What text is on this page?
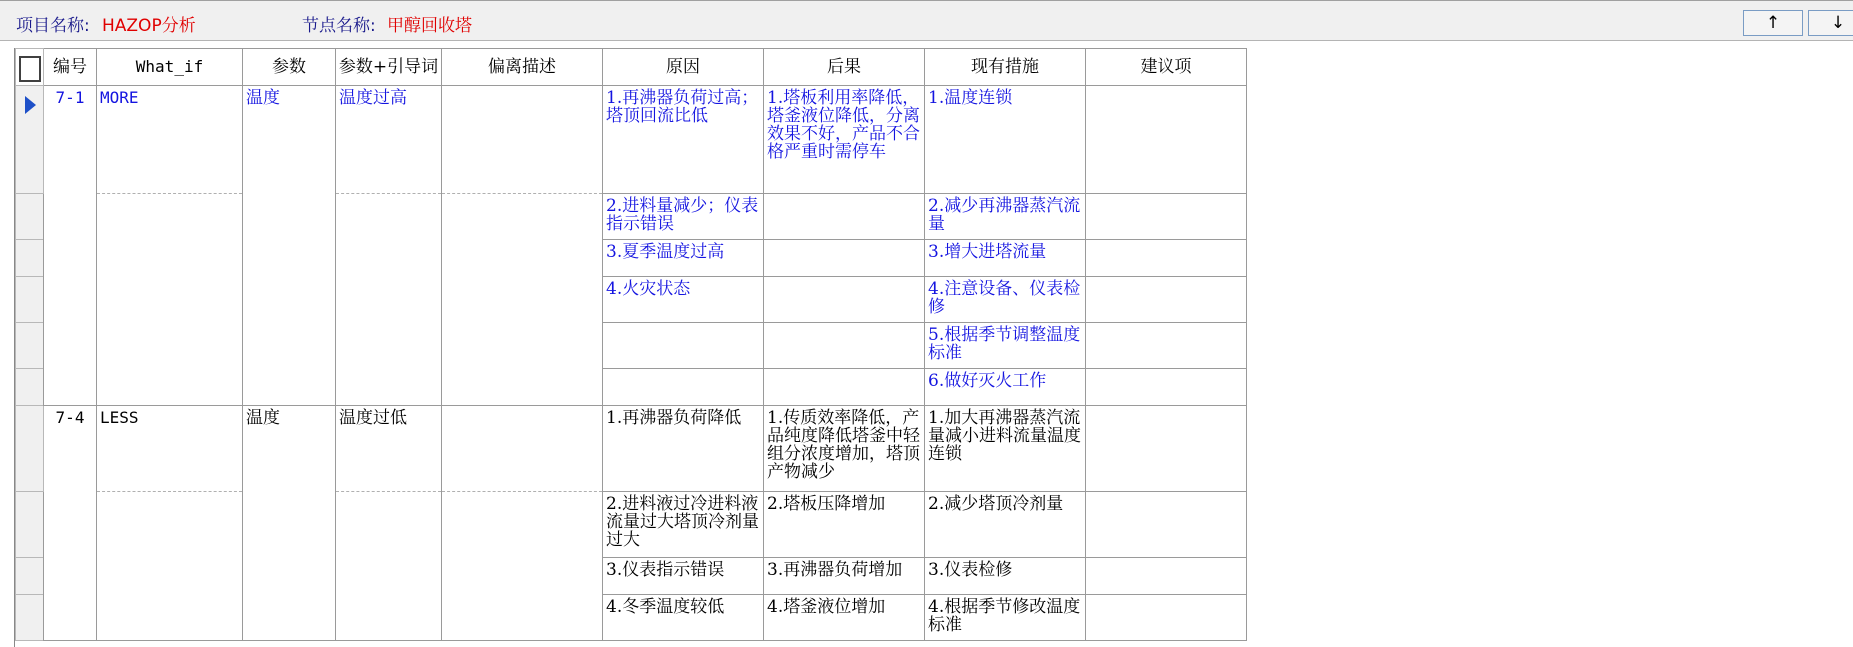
项目名称: HAZOP分析	节点名称: 甲醇回收塔	↑	↓
	编号	What_if	参数	参数+引导词	偏离描述	原因	后果	现有措施	建议项

	7-1	MORE	温度	温度过高		1.再沸器负荷过高；塔顶回流比低	1.塔板利用率降低，塔釜液位降低，分离效果不好，产品不合格严重时需停车	1.温度连锁	
						2.进料量减少；仪表指示错误		2.减少再沸器蒸汽流量	
						3.夏季温度过高		3.增大进塔流量	
						4.火灾状态		4.注意设备、仪表检修	
								5.根据季节调整温度标准	
								6.做好灭火工作	
	7-4	LESS	温度	温度过低		1.再沸器负荷降低	1.传质效率降低，产品纯度降低塔釜中轻组分浓度增加，塔顶产物减少	1.加大再沸器蒸汽流量减小进料流量温度连锁	
						2.进料液过冷进料液流量过大塔顶冷剂量过大	2.塔板压降增加	2.减少塔顶冷剂量	
						3.仪表指示错误	3.再沸器负荷增加	3.仪表检修	
						4.冬季温度较低	4.塔釜液位增加	4.根据季节修改温度标准	
